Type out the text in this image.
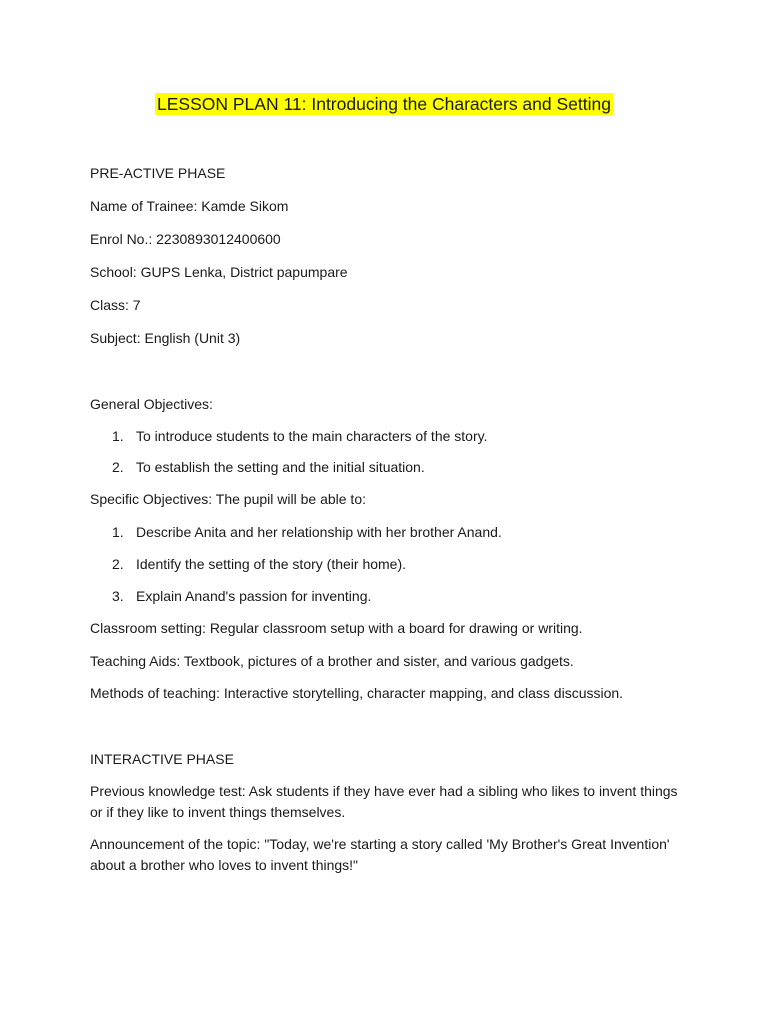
LESSON PLAN 11: Introducing the Characters and Setting
PRE-ACTIVE PHASE
Name of Trainee: Kamde Sikom
Enrol No.: 2230893012400600
School: GUPS Lenka, District papumpare
Class: 7
Subject: English (Unit 3)
General Objectives:
1. To introduce students to the main characters of the story.
2. To establish the setting and the initial situation.
Specific Objectives: The pupil will be able to:
1. Describe Anita and her relationship with her brother Anand.
2. Identify the setting of the story (their home).
3. Explain Anand's passion for inventing.
Classroom setting: Regular classroom setup with a board for drawing or writing.
Teaching Aids: Textbook, pictures of a brother and sister, and various gadgets.
Methods of teaching: Interactive storytelling, character mapping, and class discussion.
INTERACTIVE PHASE
Previous knowledge test: Ask students if they have ever had a sibling who likes to invent things or if they like to invent things themselves.
Announcement of the topic: "Today, we're starting a story called 'My Brother's Great Invention' about a brother who loves to invent things!"
